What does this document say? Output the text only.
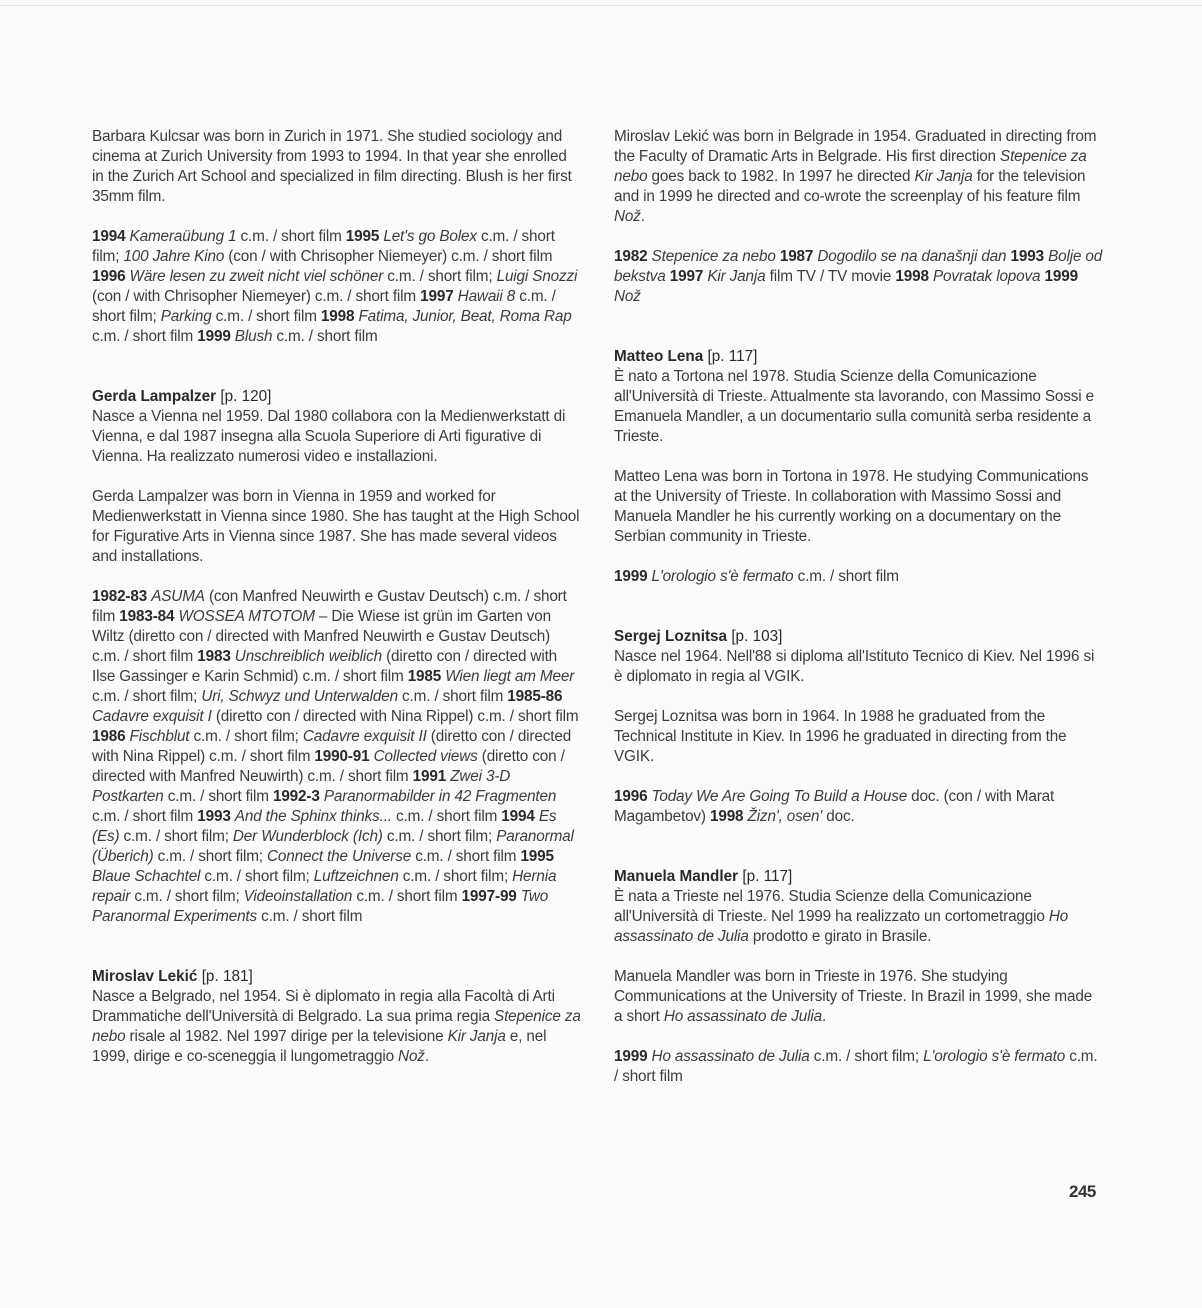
Barbara Kulcsar was born in Zurich in 1971. She studied sociology and cinema at Zurich University from 1993 to 1994. In that year she enrolled in the Zurich Art School and specialized in film directing. Blush is her first 35mm film.

1994 Kameraübung 1 c.m. / short film 1995 Let's go Bolex c.m. / short film; 100 Jahre Kino (con / with Chrisopher Niemeyer) c.m. / short film 1996 Wäre lesen zu zweit nicht viel schöner c.m. / short film; Luigi Snozzi (con / with Chrisopher Niemeyer) c.m. / short film 1997 Hawaii 8 c.m. / short film; Parking c.m. / short film 1998 Fatima, Junior, Beat, Roma Rap c.m. / short film 1999 Blush c.m. / short film

Gerda Lampalzer [p. 120]

Nasce a Vienna nel 1959. Dal 1980 collabora con la Medienwerkstatt di Vienna, e dal 1987 insegna alla Scuola Superiore di Arti figurative di Vienna. Ha realizzato numerosi video e installazioni.

Gerda Lampalzer was born in Vienna in 1959 and worked for Medienwerkstatt in Vienna since 1980. She has taught at the High School for Figurative Arts in Vienna since 1987. She has made several videos and installations.

1982-83 ASUMA (con Manfred Neuwirth e Gustav Deutsch) c.m. / short film 1983-84 WOSSEA MTOTOM – Die Wiese ist grün im Garten von Wiltz (diretto con / directed with Manfred Neuwirth e Gustav Deutsch) c.m. / short film 1983 Unschreiblich weiblich (diretto con / directed with Ilse Gassinger e Karin Schmid) c.m. / short film 1985 Wien liegt am Meer c.m. / short film; Uri, Schwyz und Unterwalden c.m. / short film 1985-86 Cadavre exquisit I (diretto con / directed with Nina Rippel) c.m. / short film 1986 Fischblut c.m. / short film; Cadavre exquisit II (diretto con / directed with Nina Rippel) c.m. / short film 1990-91 Collected views (diretto con / directed with Manfred Neuwirth) c.m. / short film 1991 Zwei 3-D Postkarten c.m. / short film 1992-3 Paranormabilder in 42 Fragmenten c.m. / short film 1993 And the Sphinx thinks... c.m. / short film 1994 Es (Es) c.m. / short film; Der Wunderblock (Ich) c.m. / short film; Paranormal (Überich) c.m. / short film; Connect the Universe c.m. / short film 1995 Blaue Schachtel c.m. / short film; Luftzeichnen c.m. / short film; Hernia repair c.m. / short film; Videoinstallation c.m. / short film 1997-99 Two Paranormal Experiments c.m. / short film

Miroslav Lekić [p. 181]

Nasce a Belgrado, nel 1954. Si è diplomato in regia alla Facoltà di Arti Drammatiche dell'Università di Belgrado. La sua prima regia Stepenice za nebo risale al 1982. Nel 1997 dirige per la televisione Kir Janja e, nel 1999, dirige e co-sceneggia il lungometraggio Nož.

Miroslav Lekić was born in Belgrade in 1954. Graduated in directing from the Faculty of Dramatic Arts in Belgrade. His first direction Stepenice za nebo goes back to 1982. In 1997 he directed Kir Janja for the television and in 1999 he directed and co-wrote the screenplay of his feature film Nož.

1982 Stepenice za nebo 1987 Dogodilo se na današnji dan 1993 Bolje od bekstva 1997 Kir Janja film TV / TV movie 1998 Povratak lopova 1999 Nož

Matteo Lena [p. 117]

È nato a Tortona nel 1978. Studia Scienze della Comunicazione all'Università di Trieste. Attualmente sta lavorando, con Massimo Sossi e Emanuela Mandler, a un documentario sulla comunità serba residente a Trieste.

Matteo Lena was born in Tortona in 1978. He studying Communications at the University of Trieste. In collaboration with Massimo Sossi and Manuela Mandler he his currently working on a documentary on the Serbian community in Trieste.

1999 L'orologio s'è fermato c.m. / short film

Sergej Loznitsa [p. 103]

Nasce nel 1964. Nell'88 si diploma all'Istituto Tecnico di Kiev. Nel 1996 si è diplomato in regia al VGIK.

Sergej Loznitsa was born in 1964. In 1988 he graduated from the Technical Institute in Kiev. In 1996 he graduated in directing from the VGIK.

1996 Today We Are Going To Build a House doc. (con / with Marat Magambetov) 1998 Žizn', osen' doc.

Manuela Mandler [p. 117]

È nata a Trieste nel 1976. Studia Scienze della Comunicazione all'Università di Trieste. Nel 1999 ha realizzato un cortometraggio Ho assassinato de Julia prodotto e girato in Brasile.

Manuela Mandler was born in Trieste in 1976. She studying Communications at the University of Trieste. In Brazil in 1999, she made a short Ho assassinato de Julia.

1999 Ho assassinato de Julia c.m. / short film; L'orologio s'è fermato c.m. / short film

245
